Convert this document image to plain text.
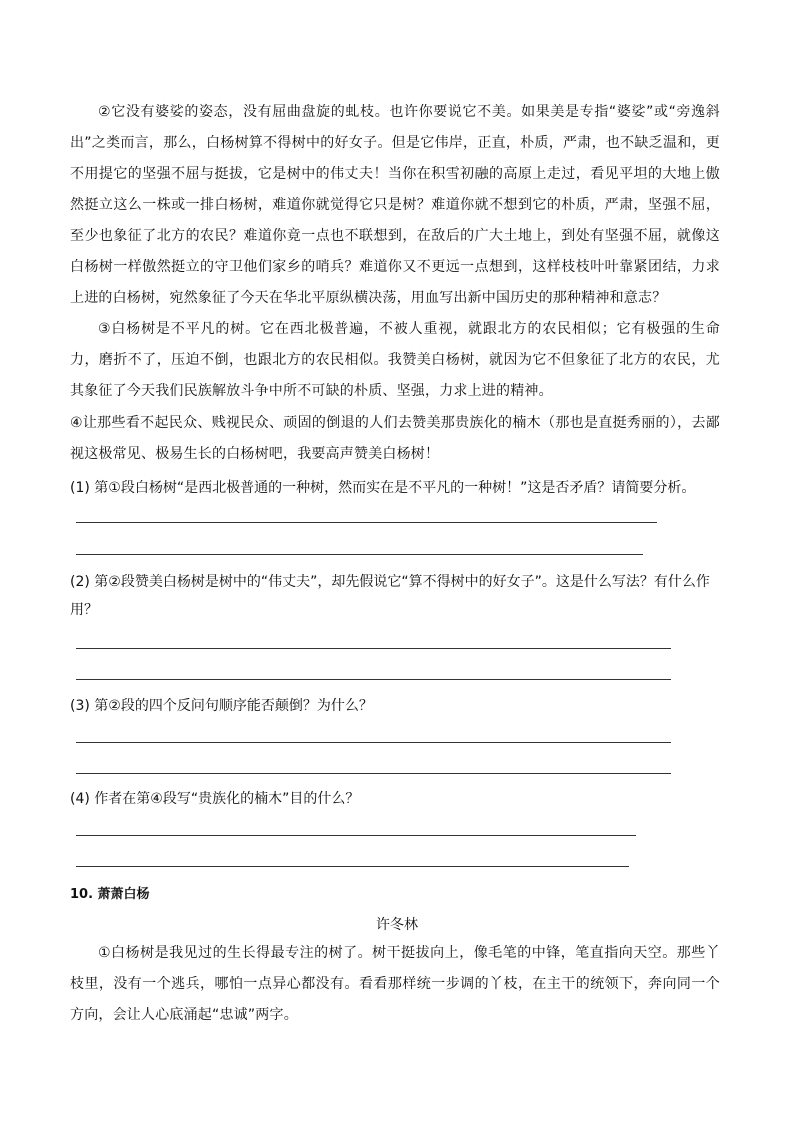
②它没有婆娑的姿态，没有屈曲盘旋的虬枝。也许你要说它不美。如果美是专指“婆娑”或“旁逸斜出”之类而言，那么，白杨树算不得树中的好女子。但是它伟岸，正直，朴质，严肃，也不缺乏温和，更不用提它的坚强不屈与挺拔，它是树中的伟丈夫！当你在积雪初融的高原上走过，看见平坦的大地上傲然挺立这么一株或一排白杨树，难道你就觉得它只是树？难道你就不想到它的朴质，严肃，坚强不屈，至少也象征了北方的农民？难道你竟一点也不联想到，在敌后的广大土地上，到处有坚强不屈，就像这白杨树一样傲然挺立的守卫他们家乡的哨兵？难道你又不更远一点想到，这样枝枝叶叶靠紧团结，力求上进的白杨树，宛然象征了今天在华北平原纵横决荡，用血写出新中国历史的那种精神和意志？

③白杨树是不平凡的树。它在西北极普遍，不被人重视，就跟北方的农民相似；它有极强的生命力，磨折不了，压迫不倒，也跟北方的农民相似。我赞美白杨树，就因为它不但象征了北方的农民，尤其象征了今天我们民族解放斗争中所不可缺的朴质、坚强，力求上进的精神。

④让那些看不起民众、贱视民众、顽固的倒退的人们去赞美那贵族化的楠木（那也是直挺秀丽的），去鄙视这极常见、极易生长的白杨树吧，我要高声赞美白杨树！

(1) 第①段白杨树“是西北极普通的一种树，然而实在是不平凡的一种树！”这是否矛盾？请简要分析。

(2) 第②段赞美白杨树是树中的“伟丈夫”，却先假说它“算不得树中的好女子”。这是什么写法？有什么作用？

(3) 第②段的四个反问句顺序能否颠倒？为什么？

(4) 作者在第④段写“贵族化的楠木”目的什么？

10. 萧萧白杨

许冬林

①白杨树是我见过的生长得最专注的树了。树干挺拔向上，像毛笔的中锋，笔直指向天空。那些丫枝里，没有一个逃兵，哪怕一点异心都没有。看看那样统一步调的丫枝，在主干的统领下，奔向同一个方向，会让人心底涌起“忠诚”两字。
